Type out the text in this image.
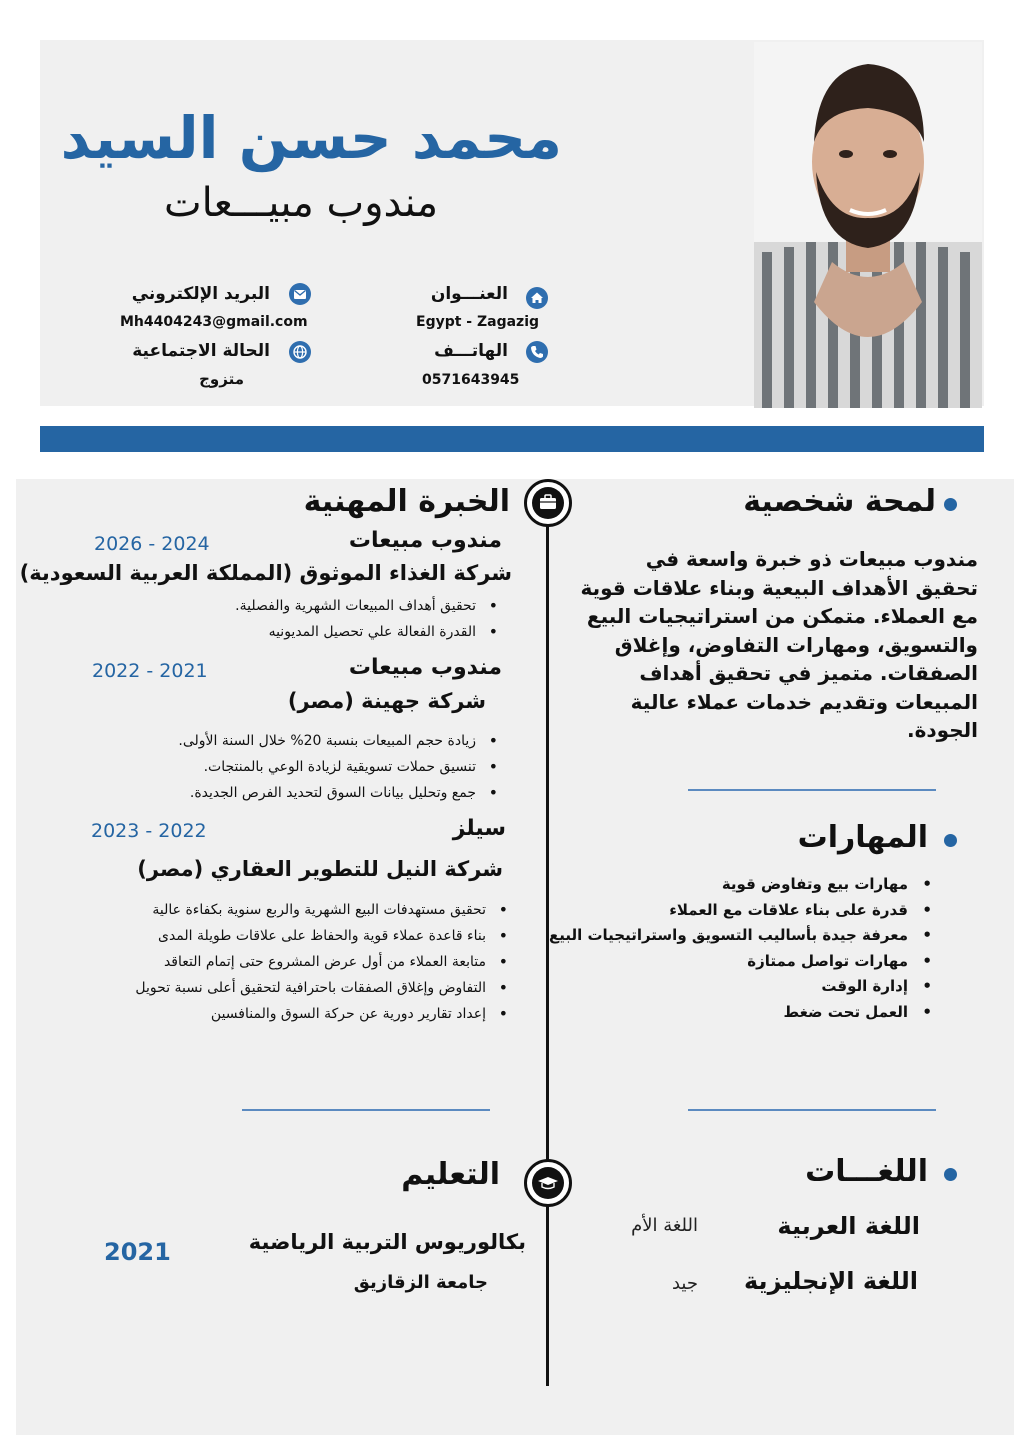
محمد حسن السيد
مندوب مبيـــعات
العنـــوان
Egypt - Zagazig
الهاتـــف
0571643945
البريد الإلكتروني
Mh4404243@gmail.com
الحالة الاجتماعية
متزوج
لمحة شخصية
مندوب مبيعات ذو خبرة واسعة في تحقيق الأهداف البيعية وبناء علاقات قوية مع العملاء. متمكن من استراتيجيات البيع والتسويق، ومهارات التفاوض، وإغلاق الصفقات. متميز في تحقيق أهداف المبيعات وتقديم خدمات عملاء عالية الجودة.
المهارات
• مهارات بيع وتفاوض قوية
• قدرة على بناء علاقات مع العملاء
• معرفة جيدة بأساليب التسويق واستراتيجيات البيع
• مهارات تواصل ممتازة
• إدارة الوقت
• العمل تحت ضغط
اللغـــات
اللغة العربية
اللغة الأم
اللغة الإنجليزية
جيد
الخبرة المهنية
مندوب مبيعات
2026 - 2024
شركة الغذاء الموثوق (المملكة العربية السعودية)
• تحقيق أهداف المبيعات الشهرية والفصلية.
• القدرة الفعالة علي تحصيل المديونيه
مندوب مبيعات
2022 - 2021
شركة جهينة (مصر)
• زيادة حجم المبيعات بنسبة 20% خلال السنة الأولى.
• تنسيق حملات تسويقية لزيادة الوعي بالمنتجات.
• جمع وتحليل بيانات السوق لتحديد الفرص الجديدة.
سيلز
2023 - 2022
شركة النيل للتطوير العقاري (مصر)
• تحقيق مستهدفات البيع الشهرية والربع سنوية بكفاءة عالية
• بناء قاعدة عملاء قوية والحفاظ على علاقات طويلة المدى
• متابعة العملاء من أول عرض المشروع حتى إتمام التعاقد
• التفاوض وإغلاق الصفقات باحترافية لتحقيق أعلى نسبة تحويل
• إعداد تقارير دورية عن حركة السوق والمنافسين
التعليم
بكالوريوس التربية الرياضية
جامعة الزقازيق
2021
